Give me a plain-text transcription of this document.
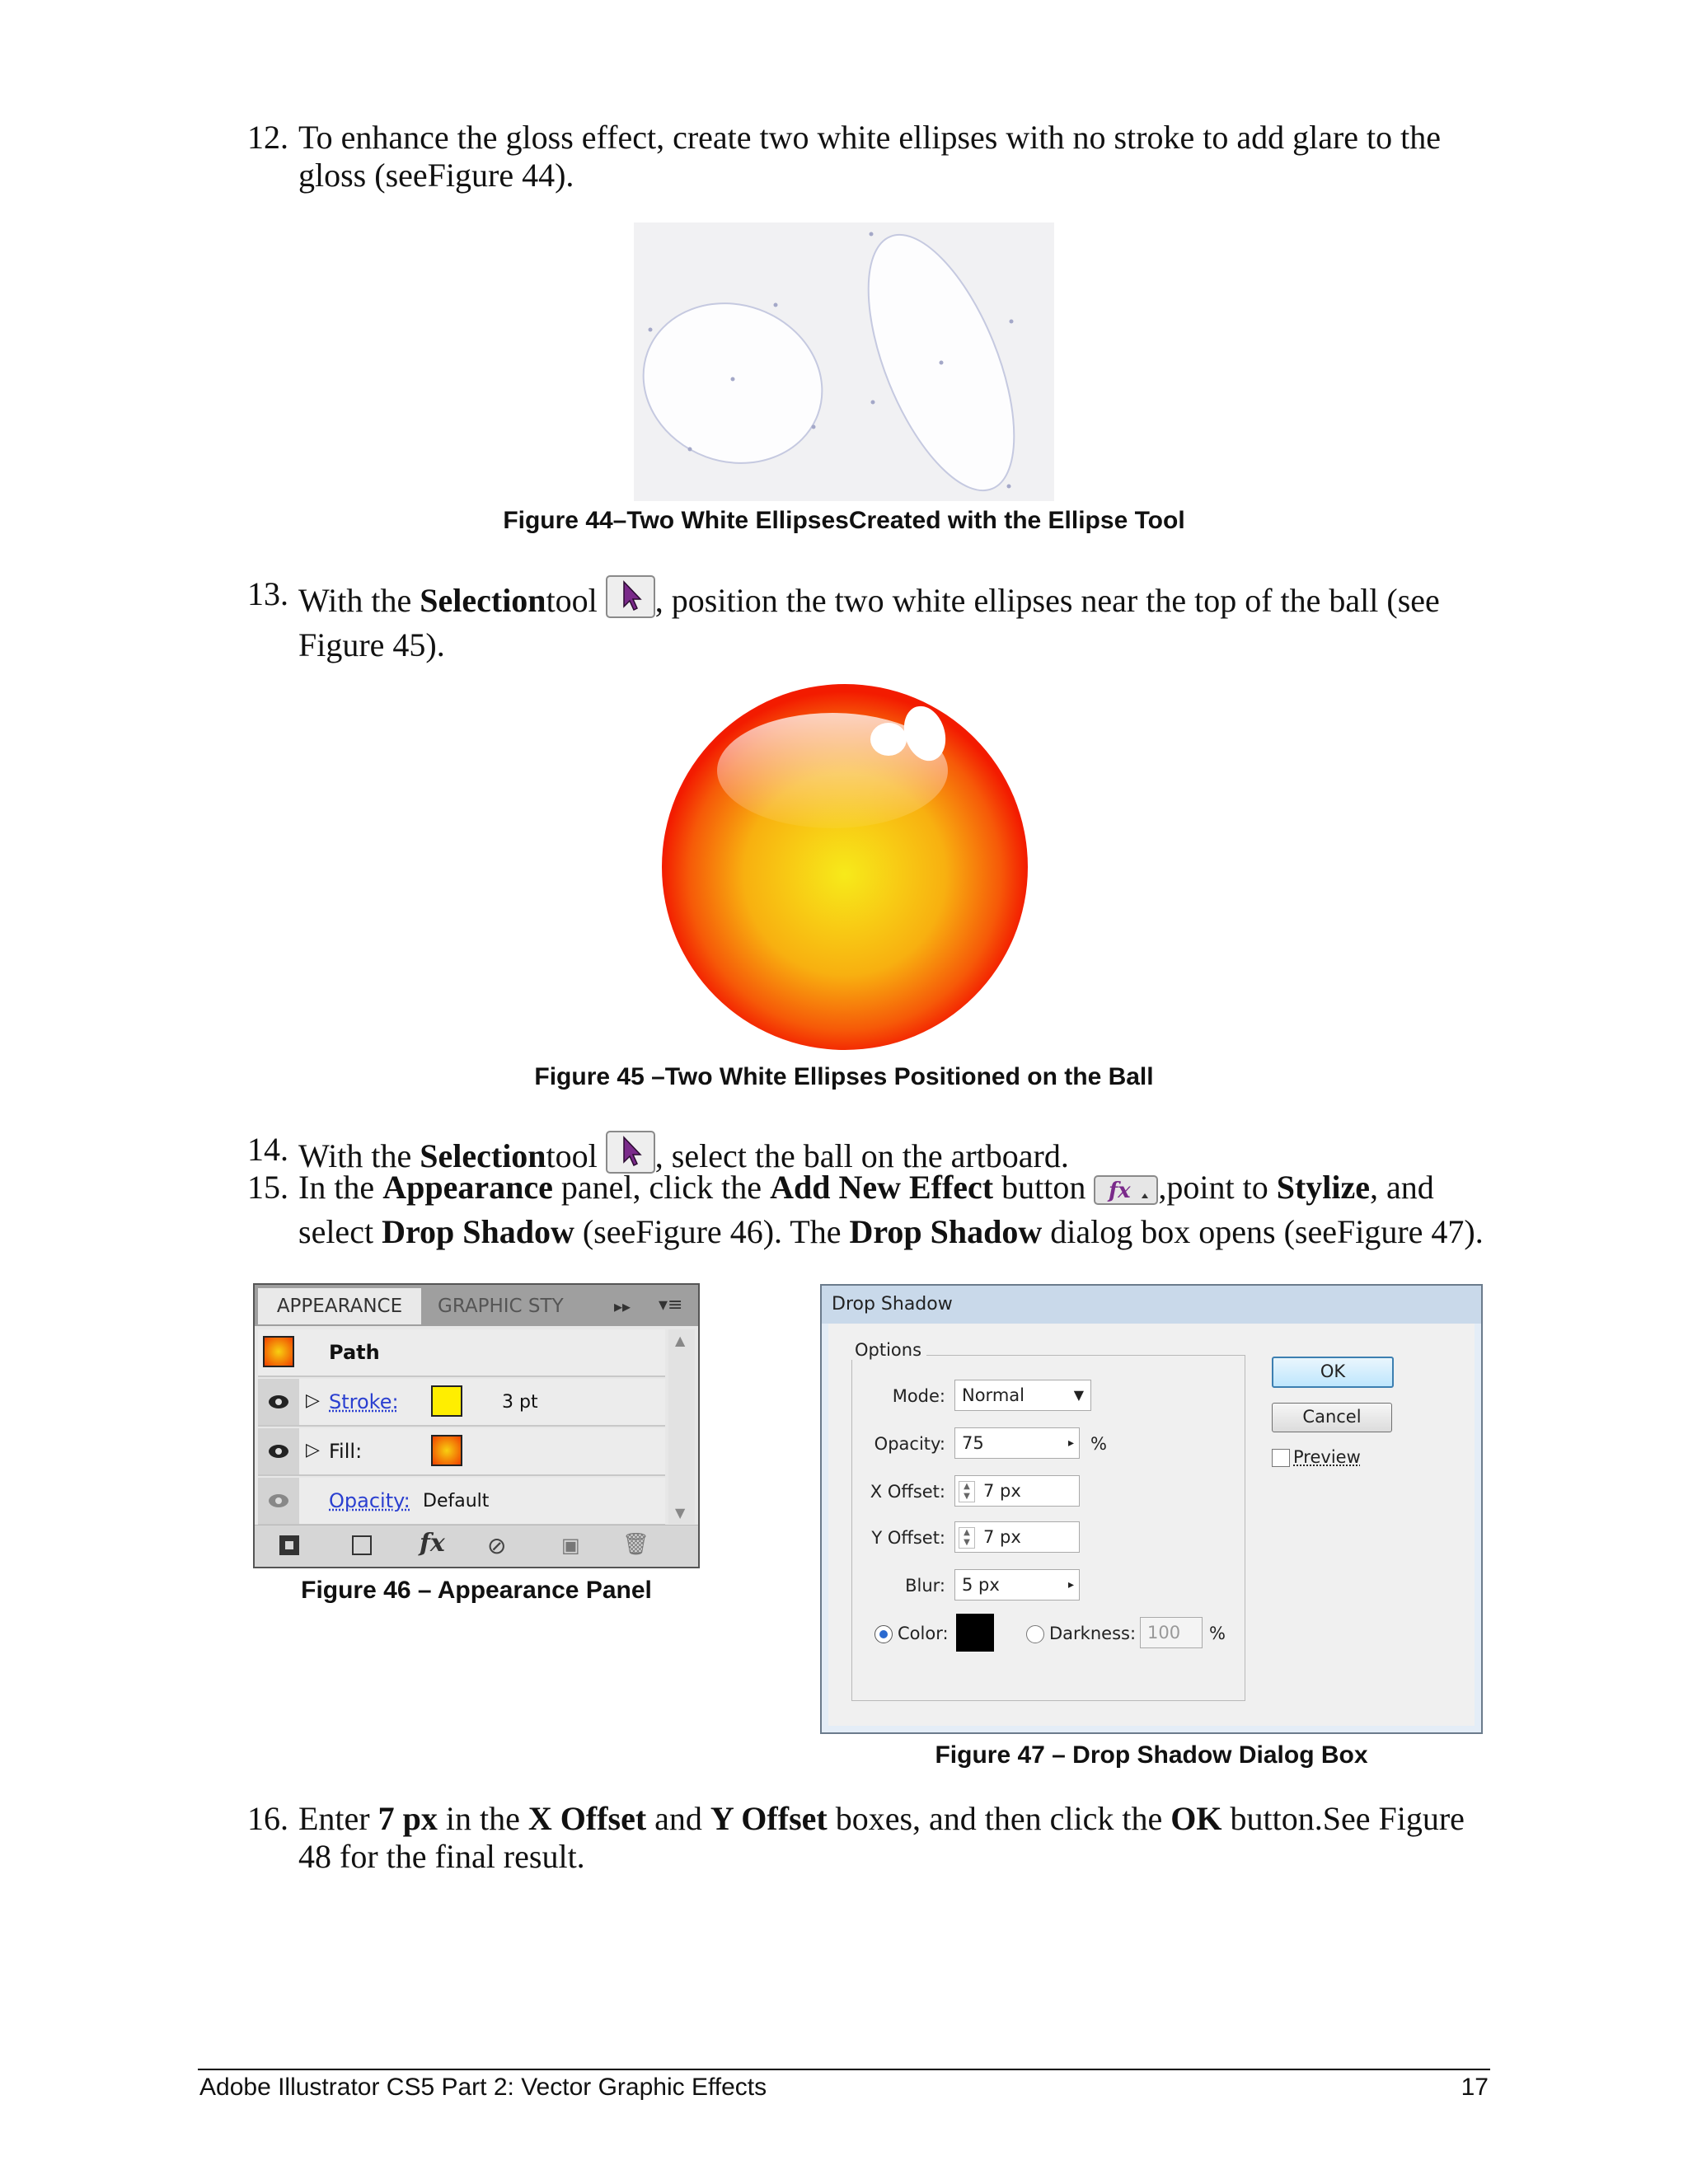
12. To enhance the gloss effect, create two white ellipses with no stroke to add glare to the
gloss (seeFigure 44).
Figure 44–Two White EllipsesCreated with the Ellipse Tool
13. With the Selectiontool , position the two white ellipses near the top of the ball (see
Figure 45).
Figure 45 –Two White Ellipses Positioned on the Ball
14. With the Selectiontool , select the ball on the artboard.
15. In the Appearance panel, click the Add New Effect button fx ,point to Stylize, and
select Drop Shadow (seeFigure 46). The Drop Shadow dialog box opens (seeFigure 47).
APPEARANCE	GRAPHIC STY	▸▸ ▾≡
Path
▷ Stroke:	3 pt
▷ Fill:
Opacity: Default
▲
▼
fx ⊘	▣ 🗑
Figure 46 – Appearance Panel
Drop Shadow
Options
Mode: Normal	▼
Opacity: 75	▸ %
X Offset:	▲
▼ 7 px
Y Offset:	▲
▼ 7 px
Blur: 5 px	▸
Color:	Darkness: 100	%
OK
Cancel
Preview
Figure 47 – Drop Shadow Dialog Box
16. Enter 7 px in the X Offset and Y Offset boxes, and then click the OK button.See Figure
48 for the final result.
Adobe Illustrator CS5 Part 2: Vector Graphic Effects	17
